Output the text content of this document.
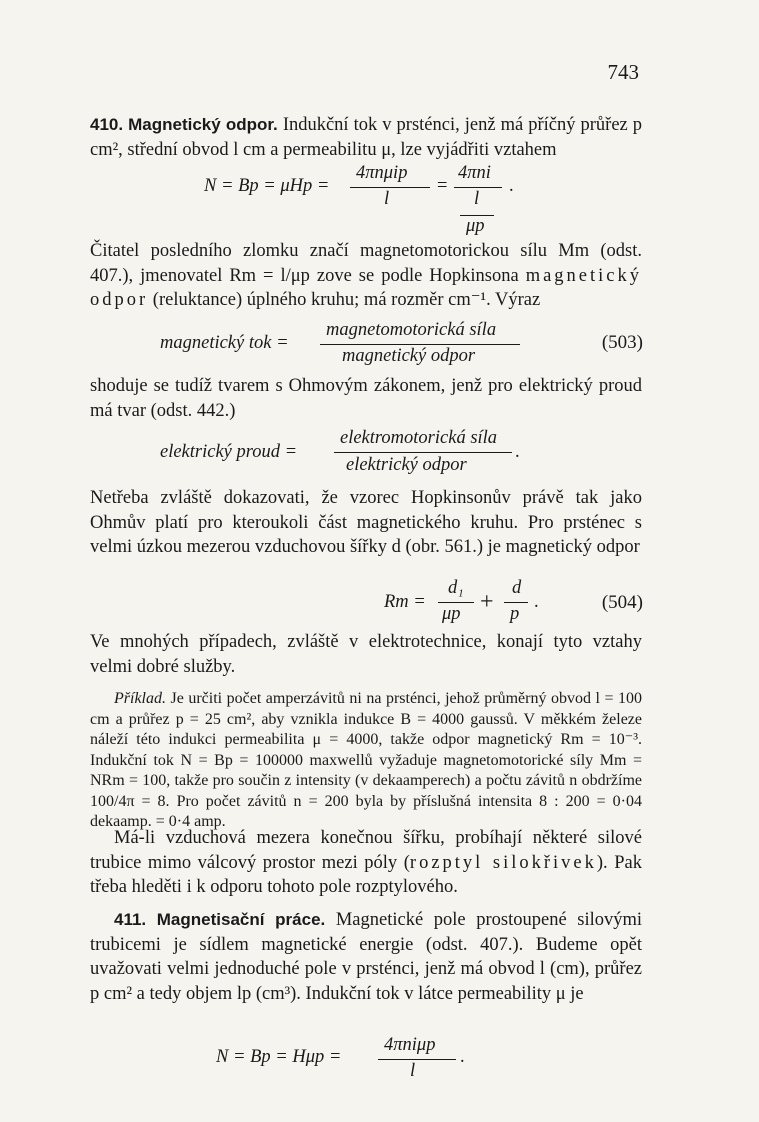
743
410. Magnetický odpor. Indukční tok v prsténci, jenž má příčný průřez p cm², střední obvod l cm a permeabilitu μ, lze vyjádřiti vztahem
N = Bp = μHp =
4πnμip
l
=
4πni
l
μp
.
Čitatel posledního zlomku značí magnetomotorickou sílu Mm (odst. 407.), jmenovatel Rm = l/μp zove se podle Hopkinsona magnetický odpor (reluktance) úplného kruhu; má rozměr cm⁻¹. Výraz
magnetický tok =
magnetomotorická síla
magnetický odpor
(503)
shoduje se tudíž tvarem s Ohmovým zákonem, jenž pro elektrický proud má tvar (odst. 442.)
elektrický proud =
elektromotorická síla
elektrický odpor
.
Netřeba zvláště dokazovati, že vzorec Hopkinsonův právě tak jako Ohmův platí pro kteroukoli část magnetického kruhu. Pro prsténec s velmi úzkou mezerou vzduchovou šířky d (obr. 561.) je magnetický odpor
Rm =
d₁
μp +
d
p
.	(504)
Ve mnohých případech, zvláště v elektrotechnice, konají tyto vztahy velmi dobré služby.
Příklad. Je určiti počet amperzávitů ni na prsténci, jehož průměrný obvod l = 100 cm a průřez p = 25 cm², aby vznikla indukce B = 4000 gaussů. V měkkém železe náleží této indukci permeabilita μ = 4000, takže odpor magnetický Rm = 10⁻³. Indukční tok N = Bp = 100000 maxwellů vyžaduje magnetomotorické síly Mm = NRm = 100, takže pro součin z intensity (v dekaamperech) a počtu závitů n obdržíme 100/4π = 8. Pro počet závitů n = 200 byla by příslušná intensita 8 : 200 = 0·04 dekaamp. = 0·4 amp.
Má-li vzduchová mezera konečnou šířku, probíhají některé silové trubice mimo válcový prostor mezi póly (rozptyl silokřivek). Pak třeba hleděti i k odporu tohoto pole rozptylového.
411. Magnetisační práce. Magnetické pole prostoupené silovými trubicemi je sídlem magnetické energie (odst. 407.). Budeme opět uvažovati velmi jednoduché pole v prsténci, jenž má obvod l (cm), průřez p cm² a tedy objem lp (cm³). Indukční tok v látce permeability μ je
N = Bp = Hμp =
4πniμp
l
.
